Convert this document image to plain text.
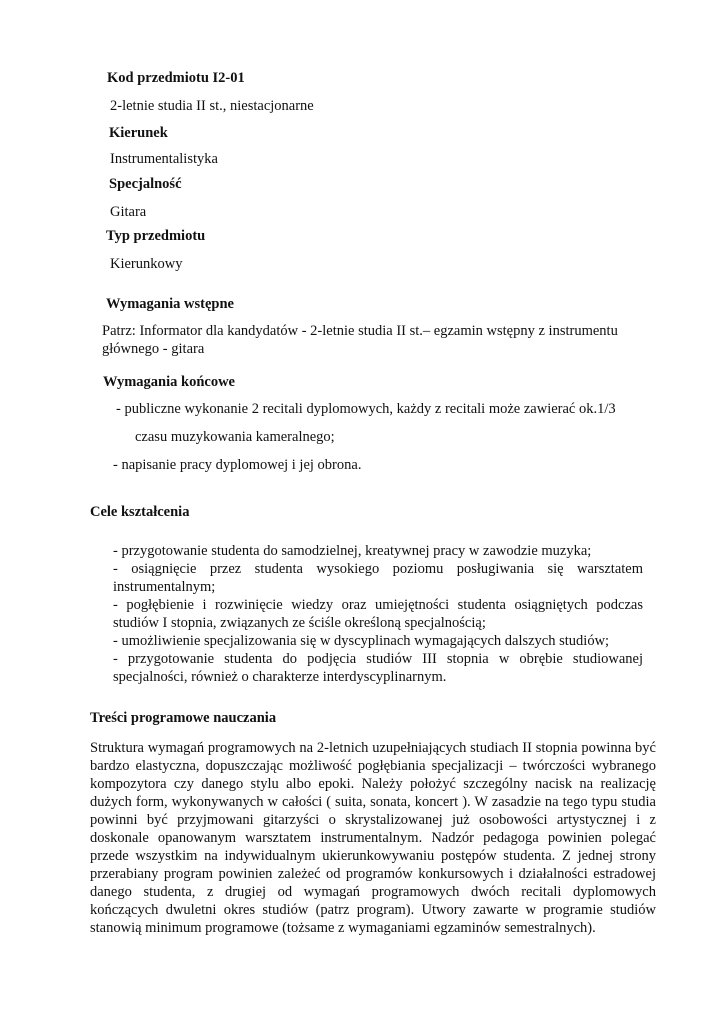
Kod przedmiotu I2-01
2-letnie studia II st., niestacjonarne
Kierunek
Instrumentalistyka
Specjalność
Gitara
Typ przedmiotu
Kierunkowy
Wymagania wstępne
Patrz: Informator dla kandydatów - 2-letnie studia II st.– egzamin wstępny z instrumentu głównego - gitara
Wymagania końcowe
- publiczne wykonanie 2 recitali dyplomowych, każdy z recitali może zawierać ok.1/3
czasu muzykowania kameralnego;
- napisanie pracy dyplomowej i jej obrona.
Cele kształcenia
- przygotowanie studenta do samodzielnej, kreatywnej pracy w zawodzie muzyka;
- osiągnięcie przez studenta wysokiego poziomu posługiwania się warsztatem instrumentalnym;
- pogłębienie i rozwinięcie wiedzy oraz umiejętności studenta osiągniętych podczas studiów I stopnia, związanych ze ściśle określoną specjalnością;
- umożliwienie specjalizowania się w dyscyplinach wymagających dalszych studiów;
- przygotowanie studenta do podjęcia studiów III stopnia w obrębie studiowanej specjalności, również o charakterze interdyscyplinarnym.
Treści programowe nauczania
Struktura wymagań programowych na 2-letnich uzupełniających studiach II stopnia powinna być bardzo elastyczna, dopuszczając możliwość pogłębiania specjalizacji – twórczości wybranego kompozytora czy danego stylu albo epoki. Należy położyć szczególny nacisk na realizację dużych form, wykonywanych w całości ( suita, sonata, koncert ). W zasadzie na tego typu studia powinni być przyjmowani gitarzyści o skrystalizowanej już osobowości artystycznej i z doskonale opanowanym warsztatem instrumentalnym. Nadzór pedagoga powinien polegać przede wszystkim na indywidualnym ukierunkowywaniu postępów studenta. Z jednej strony przerabiany program powinien zależeć od programów konkursowych i działalności estradowej danego studenta, z drugiej od wymagań programowych dwóch recitali dyplomowych kończących dwuletni okres studiów (patrz program). Utwory zawarte w programie studiów stanowią minimum programowe (tożsame z wymaganiami egzaminów semestralnych).
